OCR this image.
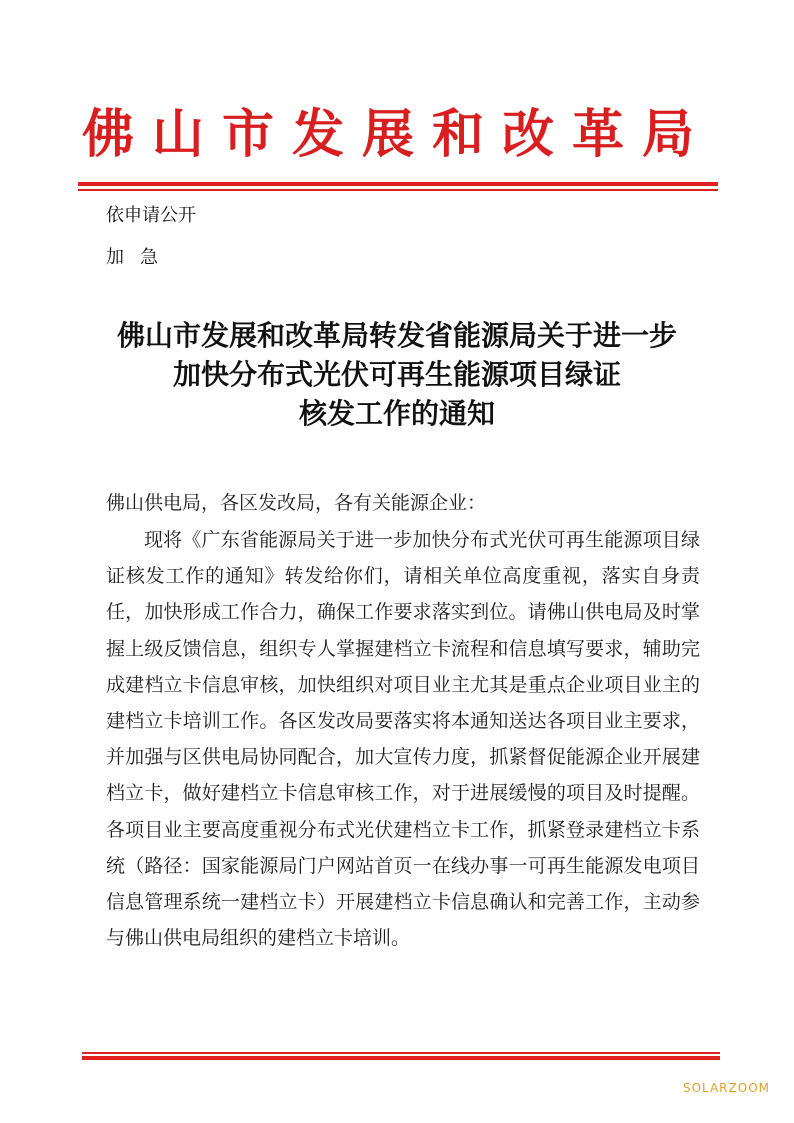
佛山市发展和改革局
依申请公开
加急
佛山市发展和改革局转发省能源局关于进一步
加快分布式光伏可再生能源项目绿证
核发工作的通知
佛山供电局，各区发改局，各有关能源企业：
现将《广东省能源局关于进一步加快分布式光伏可再生能源项目绿证核发工作的通知》转发给你们，请相关单位高度重视，落实自身责任，加快形成工作合力，确保工作要求落实到位。请佛山供电局及时掌握上级反馈信息，组织专人掌握建档立卡流程和信息填写要求，辅助完成建档立卡信息审核，加快组织对项目业主尤其是重点企业项目业主的建档立卡培训工作。各区发改局要落实将本通知送达各项目业主要求，并加强与区供电局协同配合，加大宣传力度，抓紧督促能源企业开展建档立卡，做好建档立卡信息审核工作，对于进展缓慢的项目及时提醒。各项目业主要高度重视分布式光伏建档立卡工作，抓紧登录建档立卡系统（路径：国家能源局门户网站首页一在线办事一可再生能源发电项目信息管理系统一建档立卡）开展建档立卡信息确认和完善工作，主动参与佛山供电局组织的建档立卡培训。
SOLARZOOM
